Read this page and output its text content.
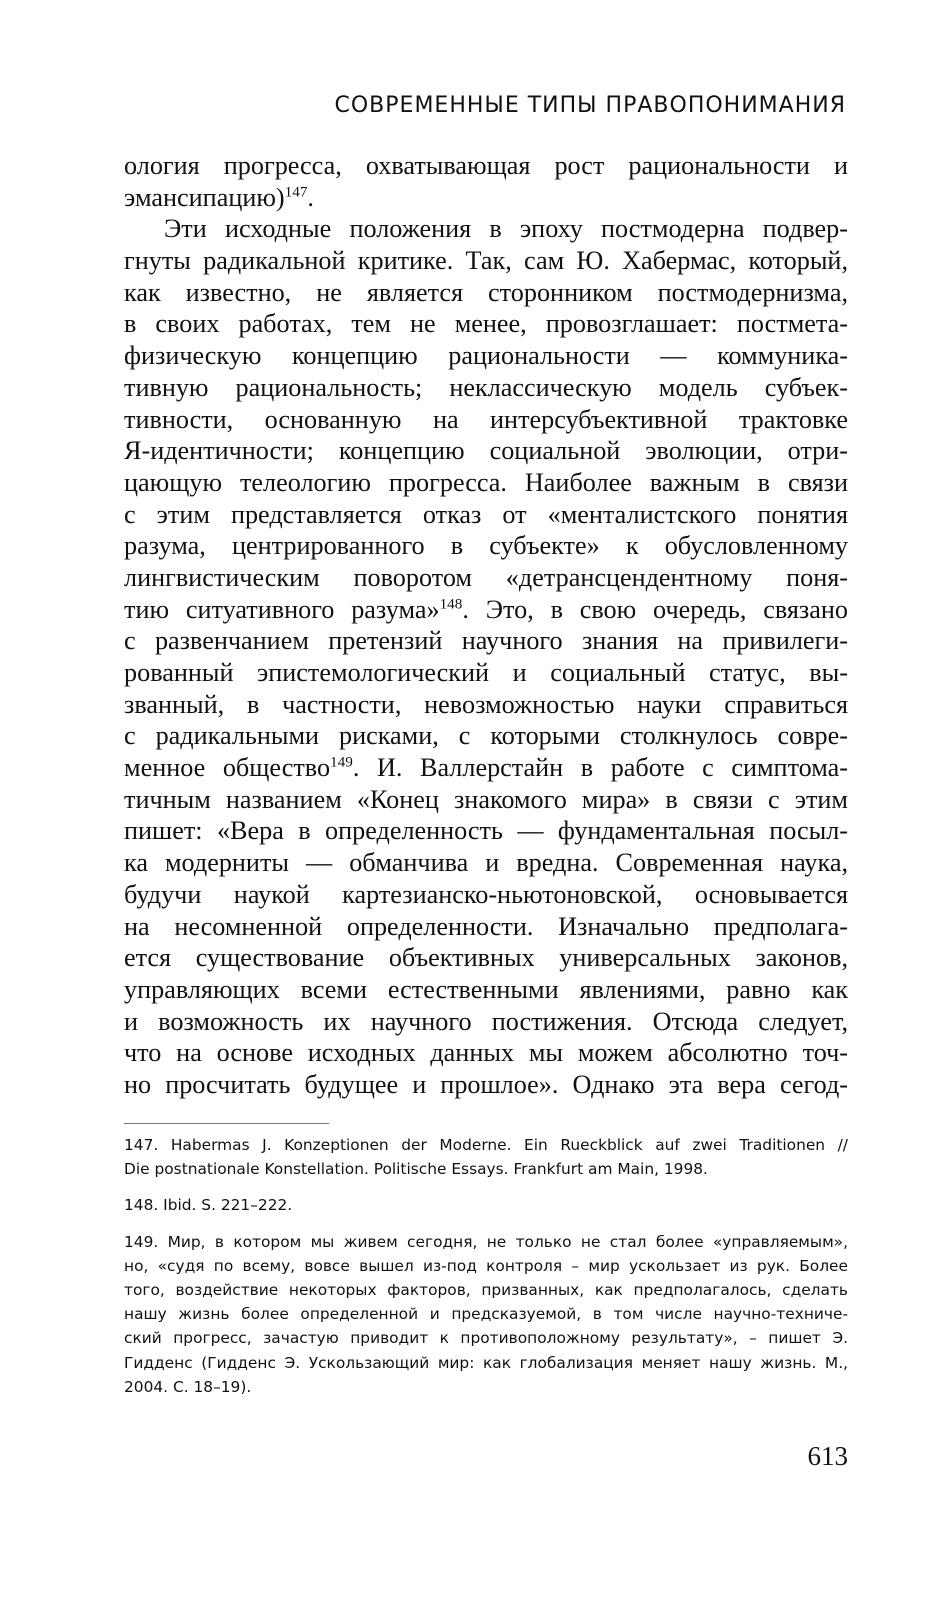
СОВРЕМЕННЫЕ ТИПЫ ПРАВОПОНИМАНИЯ
ология прогресса, охватывающая рост рациональности и
эмансипацию)$^{147}$.
Эти исходные положения в эпоху постмодерна подвер-
гнуты радикальной критике. Так, сам Ю. Хабермас, который,
как известно, не является сторонником постмодернизма,
в своих работах, тем не менее, провозглашает: постмета-
физическую концепцию рациональности — коммуника-
тивную рациональность; неклассическую модель субъек-
тивности, основанную на интерсубъективной трактовке
Я-идентичности; концепцию социальной эволюции, отри-
цающую телеологию прогресса. Наиболее важным в связи
с этим представляется отказ от «менталистского понятия
разума, центрированного в субъекте» к обусловленному
лингвистическим поворотом «детрансцендентному поня-
тию ситуативного разума»$^{148}$. Это, в свою очередь, связано
с развенчанием претензий научного знания на привилеги-
рованный эпистемологический и социальный статус, вы-
званный, в частности, невозможностью науки справиться
с радикальными рисками, с которыми столкнулось совре-
менное общество$^{149}$. И. Валлерстайн в работе с симптома-
тичным названием «Конец знакомого мира» в связи с этим
пишет: «Вера в определенность — фундаментальная посыл-
ка модерниты — обманчива и вредна. Современная наука,
будучи наукой картезианско-ньютоновской, основывается
на несомненной определенности. Изначально предполага-
ется существование объективных универсальных законов,
управляющих всеми естественными явлениями, равно как
и возможность их научного постижения. Отсюда следует,
что на основе исходных данных мы можем абсолютно точ-
но просчитать будущее и прошлое». Однако эта вера сегод-
147. Habermas J. Konzeptionen der Moderne. Ein Rueckblick auf zwei Traditionen //
Die postnationale Konstellation. Politische Essays. Frankfurt am Main, 1998.
148. Ibid. S. 221–222.
149. Мир, в котором мы живем сегодня, не только не стал более «управляемым»,
но, «судя по всему, вовсе вышел из-под контроля – мир ускользает из рук. Более
того, воздействие некоторых факторов, призванных, как предполагалось, сделать
нашу жизнь более определенной и предсказуемой, в том числе научно-техниче-
ский прогресс, зачастую приводит к противоположному результату», – пишет Э.
Гидденс (Гидденс Э. Ускользающий мир: как глобализация меняет нашу жизнь. М.,
2004. С. 18–19).
613
